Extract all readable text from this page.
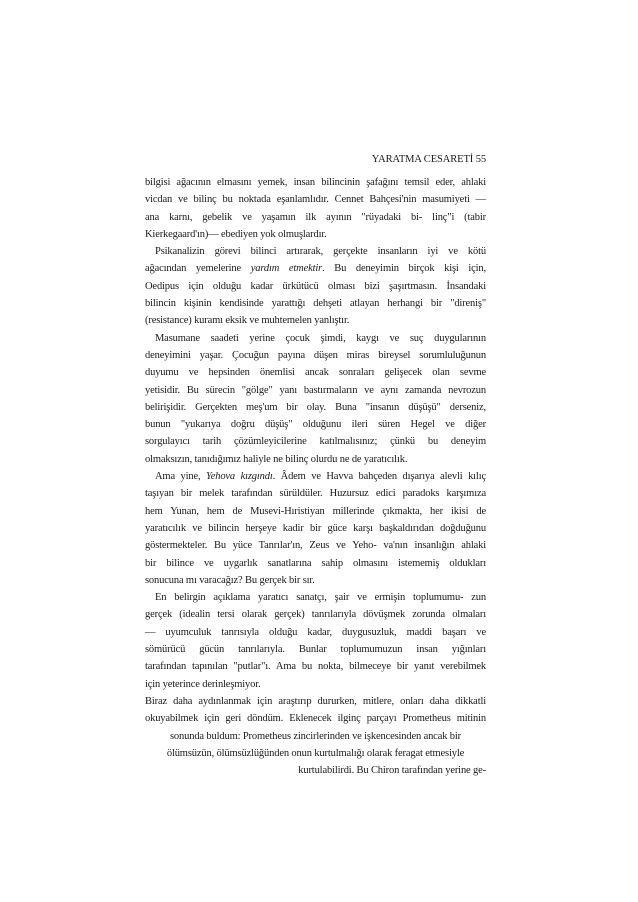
YARATMA CESARETİ 55
bilgisi ağacının elmasını yemek, insan bilincinin şafağını temsil eder, ahlaki
vicdan ve bilinç bu noktada eşanlamlıdır. Cennet Bahçesi'nin masumiyeti —
ana karnı, gebelik ve yaşamın ilk ayının "rüyadaki bi- linç"i (tabir
Kierkegaard'ın)— ebediyen yok olmuşlardır.
Psikanalizin görevi bilinci artırarak, gerçekte insanların iyi ve kötü
ağacından yemelerine yardım etmektir. Bu deneyimin birçok kişi için,
Oedipus için olduğu kadar ürkütücü olması bizi şaşırtmasın. İnsandaki
bilincin kişinin kendisinde yarattığı dehşeti atlayan herhangi bir "direniş"
(resistance) kuramı eksik ve muhtemelen yanlıştır.
Masumane saadeti yerine çocuk şimdi, kaygı ve suç duygularının
deneyimini yaşar. Çocuğun payına düşen miras bireysel sorumluluğunun
duyumu ve hepsinden önemlisi ancak sonraları gelişecek olan sevme
yetisidir. Bu sürecin "gölge" yanı bastırmaların ve aynı zamanda nevrozun
belirişidir. Gerçekten meş'um bir olay. Buna "insanın düşüşü" derseniz,
bunun "yukarıya doğru düşüş" olduğunu ileri süren Hegel ve diğer
sorgulayıcı tarih çözümleyicilerine katılmalısınız; çünkü bu deneyim
olmaksızın, tanıdığımız haliyle ne bilinç olurdu ne de yaratıcılık.
Ama yine, Yehova kızgındı. Âdem ve Havva bahçeden dışarıya alevli kılıç
taşıyan bir melek tarafından sürüldüler. Huzursuz edici paradoks karşımıza
hem Yunan, hem de Musevi-Hıristiyan millerinde çıkmakta, her ikisi de
yaratıcılık ve bilincin herşeye kadir bir güce karşı başkaldırıdan doğduğunu
göstermekteler. Bu yüce Tanrılar'ın, Zeus ve Yeho- va'nın insanlığın ahlaki
bir bilince ve uygarlık sanatlarına sahip olmasını istememiş oldukları
sonucuna mı varacağız? Bu gerçek bir sır.
En belirgin açıklama yaratıcı sanatçı, şair ve ermişin toplumumu- zun
gerçek (idealin tersi olarak gerçek) tanrılarıyla dövüşmek zorunda olmaları
— uyumculuk tanrısıyla olduğu kadar, duygusuzluk, maddi başarı ve
sömürücü gücün tanrılarıyla. Bunlar toplumumuzun insan yığınları
tarafından tapınılan "putlar"ı. Ama bu nokta, bilmeceye bir yanıt verebilmek
için yeterince derinleşmiyor.
Biraz daha aydınlanmak için araştırıp dururken, mitlere, onları daha dikkatli
okuyabilmek için geri döndüm. Eklenecek ilginç parçayı Prometheus mitinin
sonunda buldum: Prometheus zincirlerinden ve işkencesinden ancak bir
ölümsüzün, ölümsüzlüğünden onun kurtulmalığı olarak feragat etmesiyle
kurtulabilirdi. Bu Chiron tarafından yerine ge-
